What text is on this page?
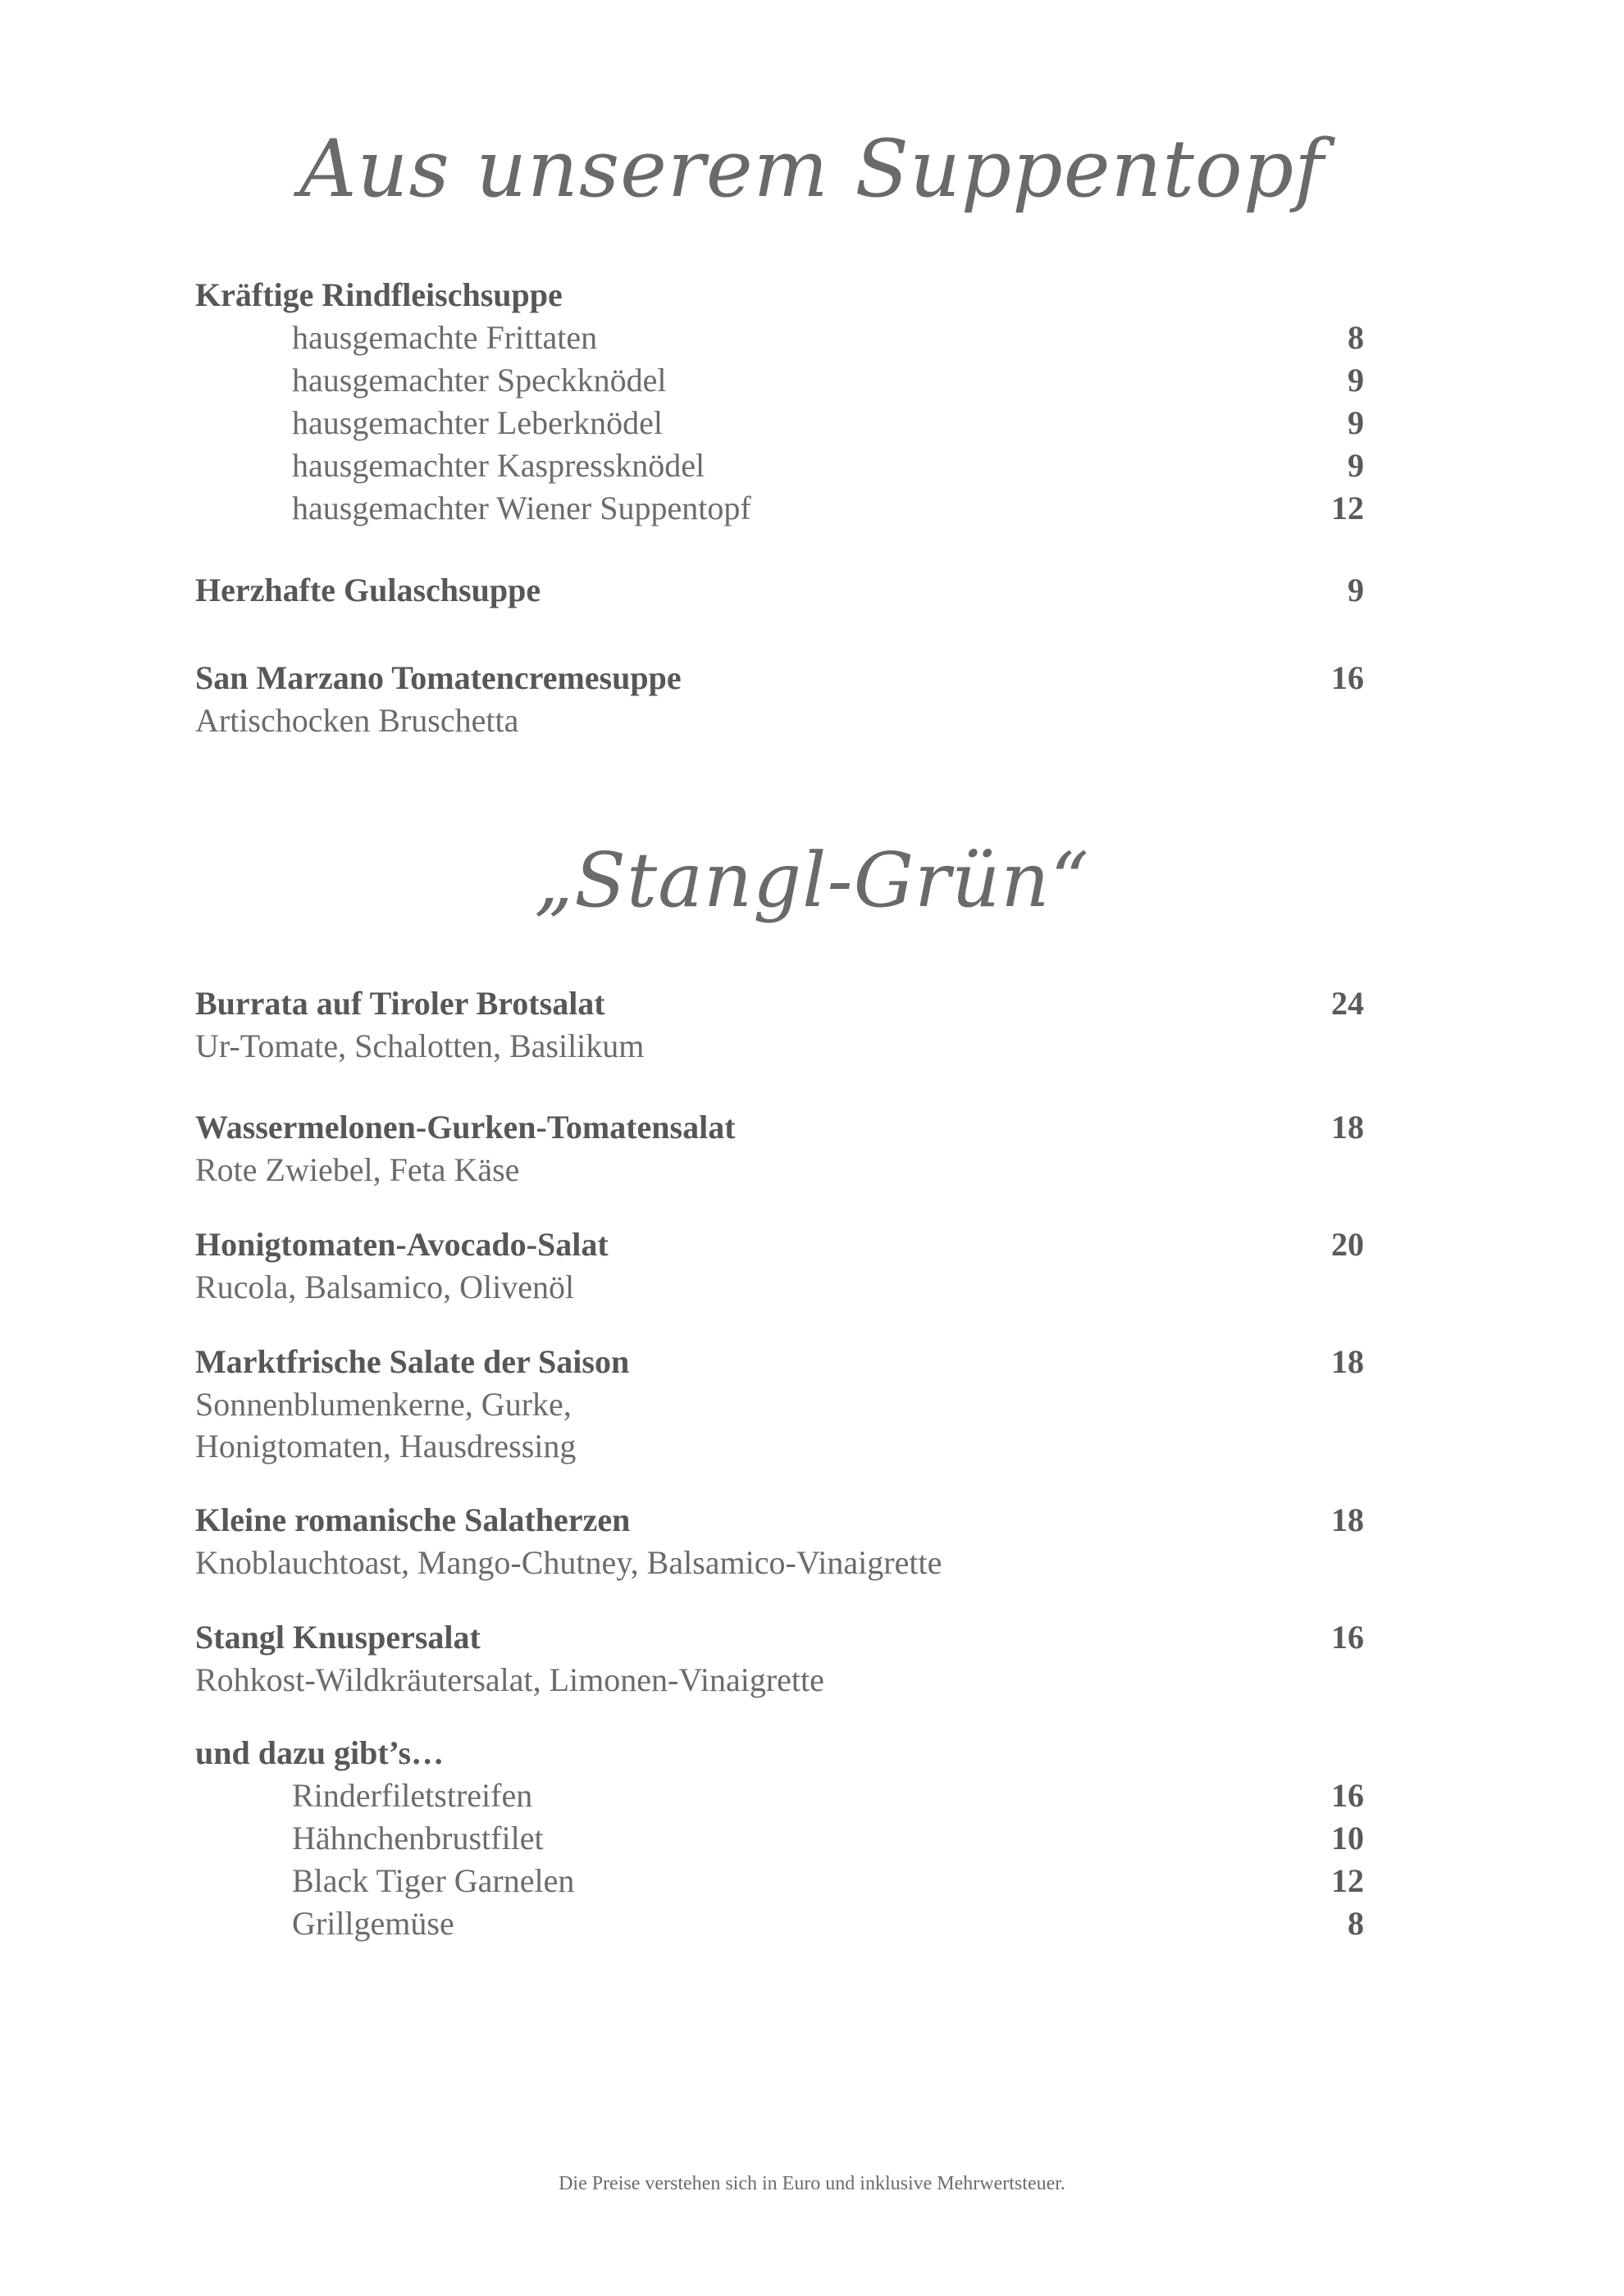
Aus unserem Suppentopf
Kräftige Rindfleischsuppe
hausgemachte Frittaten	8
hausgemachter Speckknödel	9
hausgemachter Leberknödel	9
hausgemachter Kaspressknödel	9
hausgemachter Wiener Suppentopf	12
Herzhafte Gulaschsuppe	9
San Marzano Tomatencremesuppe	16
Artischocken Bruschetta
„Stangl-Grün“
Burrata auf Tiroler Brotsalat	24
Ur-Tomate, Schalotten, Basilikum
Wassermelonen-Gurken-Tomatensalat	18
Rote Zwiebel, Feta Käse
Honigtomaten-Avocado-Salat	20
Rucola, Balsamico, Olivenöl
Marktfrische Salate der Saison	18
Sonnenblumenkerne, Gurke,
Honigtomaten, Hausdressing
Kleine romanische Salatherzen	18
Knoblauchtoast, Mango-Chutney, Balsamico-Vinaigrette
Stangl Knuspersalat	16
Rohkost-Wildkräutersalat, Limonen-Vinaigrette
und dazu gibt’s…
Rinderfiletstreifen	16
Hähnchenbrustfilet	10
Black Tiger Garnelen	12
Grillgemüse	8
Die Preise verstehen sich in Euro und inklusive Mehrwertsteuer.
